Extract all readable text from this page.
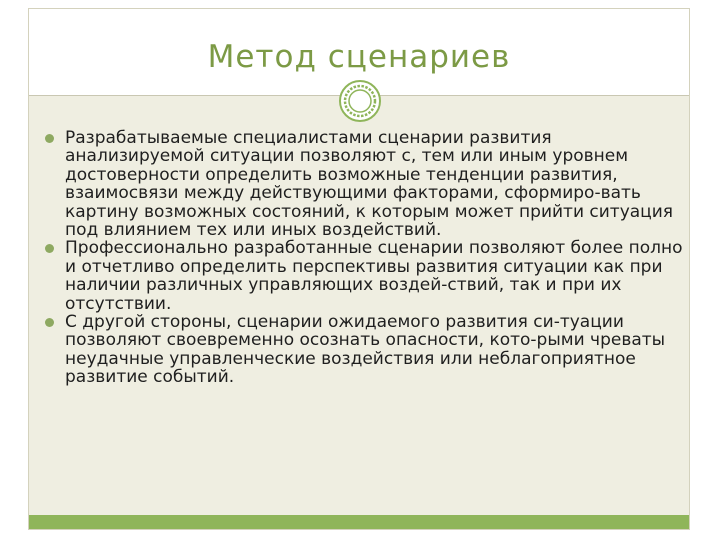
Метод сценариев
Разрабатываемые специалистами сценарии развития анализируемой ситуации позволяют с, тем или иным уровнем достоверности определить возможные тенденции развития, взаимосвязи между действующими факторами, сформиро-вать картину возможных состояний, к которым может прийти ситуация под влиянием тех или иных воздействий.
Профессионально разработанные сценарии позволяют более полно и отчетливо определить перспективы развития ситуации как при наличии различных управляющих воздей-ствий, так и при их отсутствии.
С другой стороны, сценарии ожидаемого развития си-туации позволяют своевременно осознать опасности, кото-рыми чреваты неудачные управленческие воздействия или неблагоприятное развитие событий.
